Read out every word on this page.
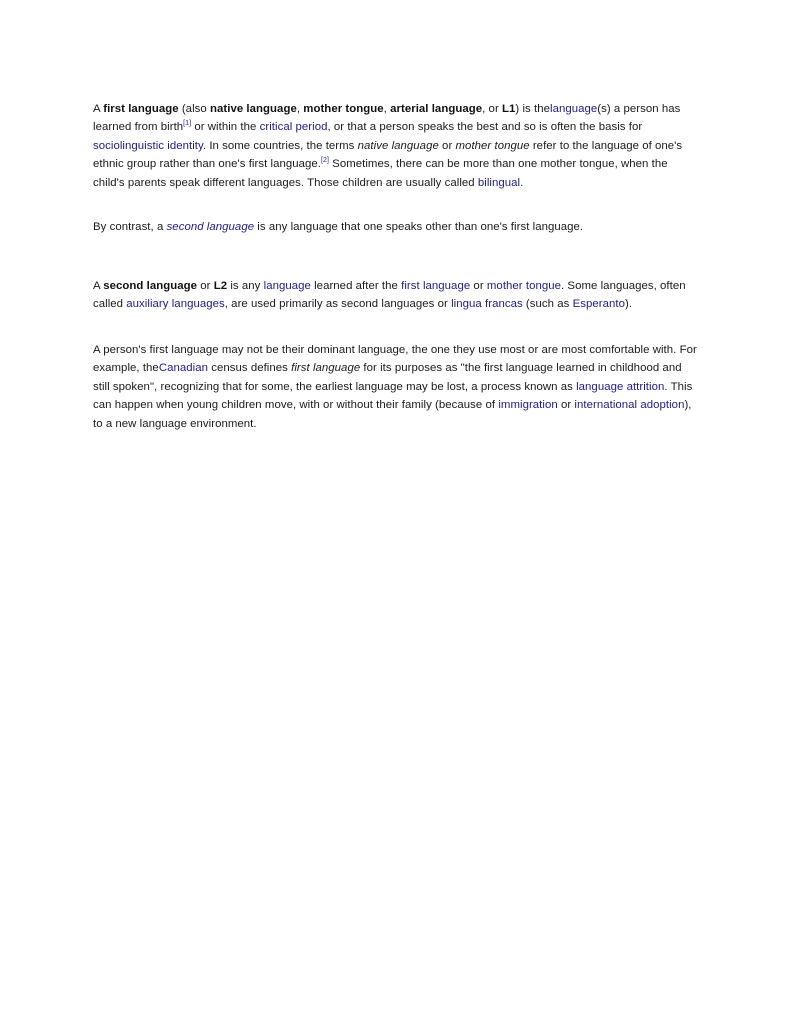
A first language (also native language, mother tongue, arterial language, or L1) is thelanguage(s) a person has learned from birth[1] or within the critical period, or that a person speaks the best and so is often the basis for sociolinguistic identity. In some countries, the terms native language or mother tongue refer to the language of one's ethnic group rather than one's first language.[2] Sometimes, there can be more than one mother tongue, when the child's parents speak different languages. Those children are usually called bilingual.

By contrast, a second language is any language that one speaks other than one's first language.

A second language or L2 is any language learned after the first language or mother tongue. Some languages, often called auxiliary languages, are used primarily as second languages or lingua francas (such as Esperanto).

A person's first language may not be their dominant language, the one they use most or are most comfortable with. For example, theCanadian census defines first language for its purposes as "the first language learned in childhood and still spoken", recognizing that for some, the earliest language may be lost, a process known as language attrition. This can happen when young children move, with or without their family (because of immigration or international adoption), to a new language environment.
